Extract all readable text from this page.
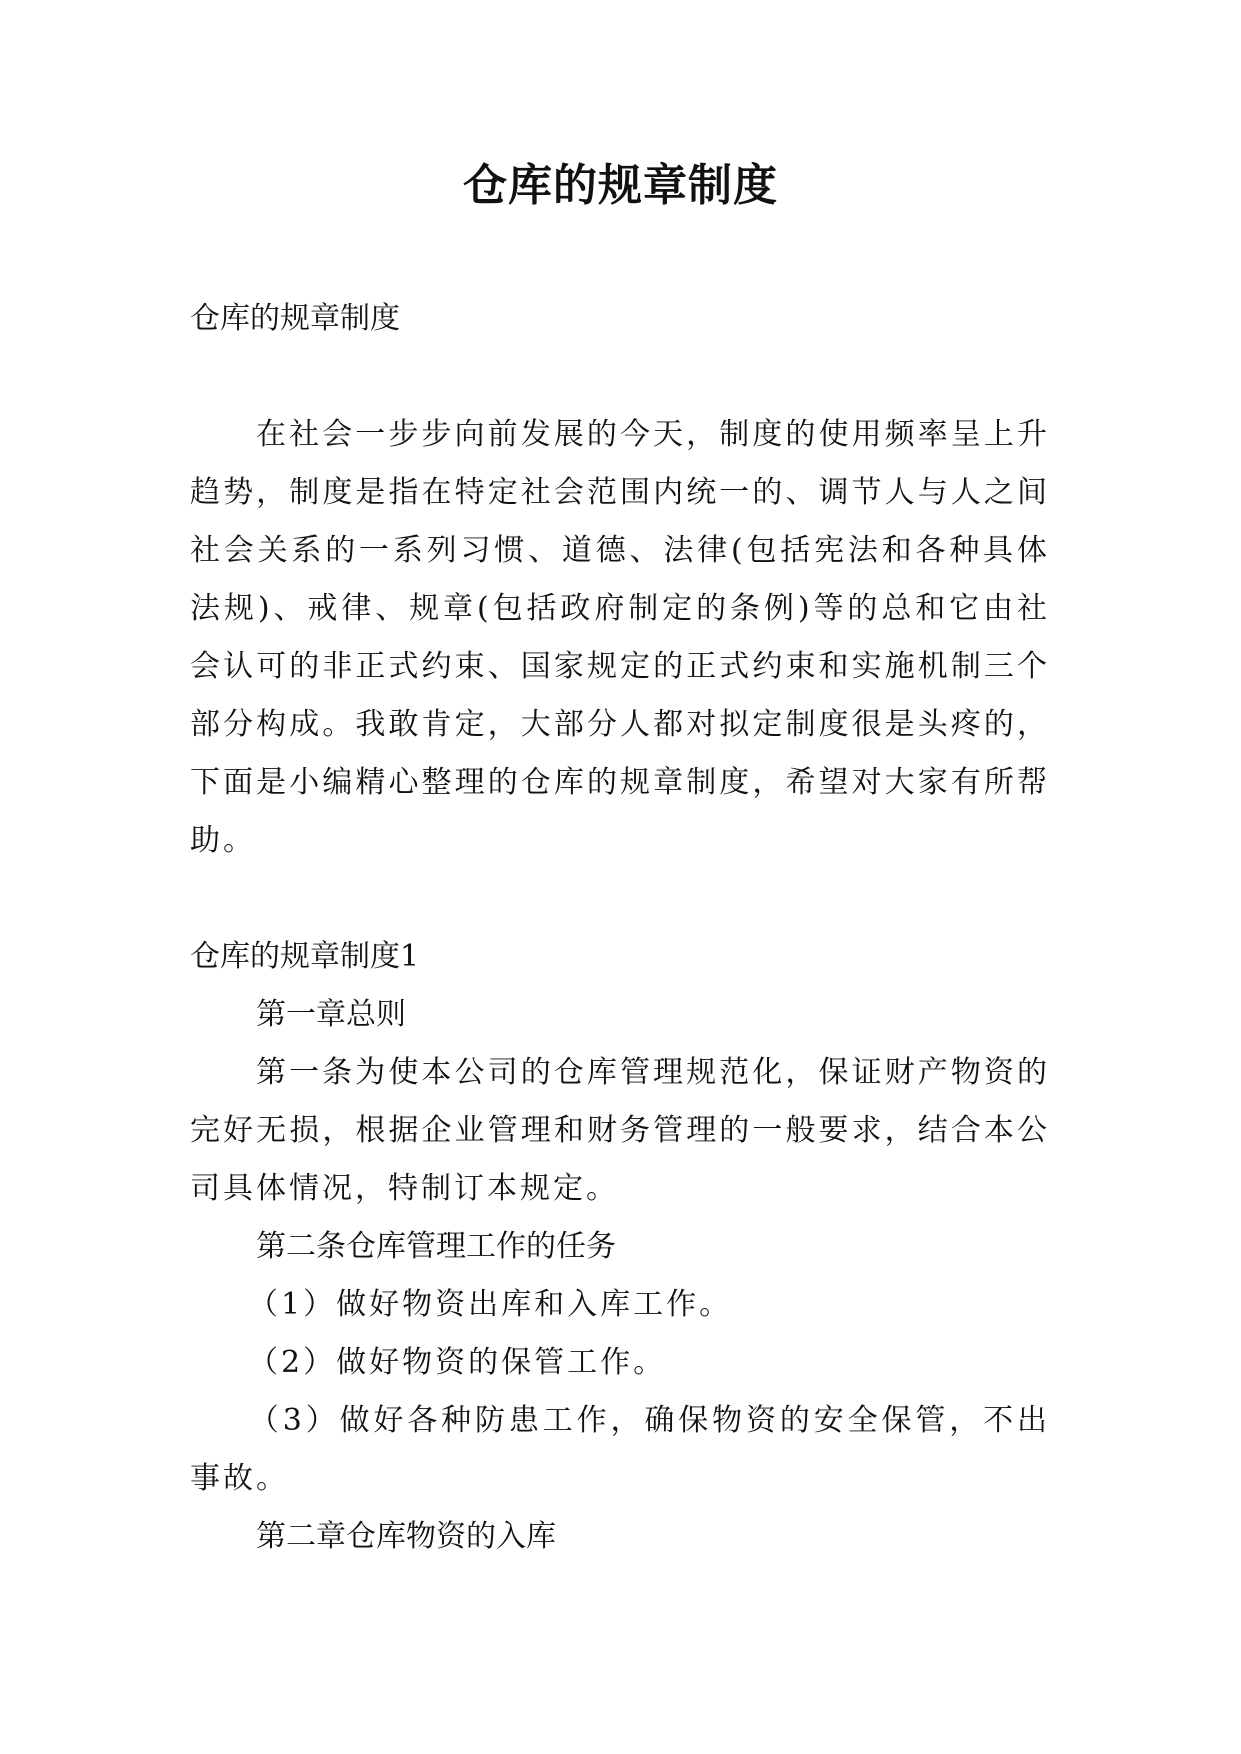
仓库的规章制度

仓库的规章制度

在社会一步步向前发展的今天，制度的使用频率呈上升趋势，制度是指在特定社会范围内统一的、调节人与人之间社会关系的一系列习惯、道德、法律(包括宪法和各种具体法规)、戒律、规章(包括政府制定的条例)等的总和它由社会认可的非正式约束、国家规定的正式约束和实施机制三个部分构成。我敢肯定，大部分人都对拟定制度很是头疼的，下面是小编精心整理的仓库的规章制度，希望对大家有所帮助。

仓库的规章制度1

第一章总则

第一条为使本公司的仓库管理规范化，保证财产物资的完好无损，根据企业管理和财务管理的一般要求，结合本公司具体情况，特制订本规定。

第二条仓库管理工作的任务

（1）做好物资出库和入库工作。

（2）做好物资的保管工作。

（3）做好各种防患工作，确保物资的安全保管，不出事故。

第二章仓库物资的入库
